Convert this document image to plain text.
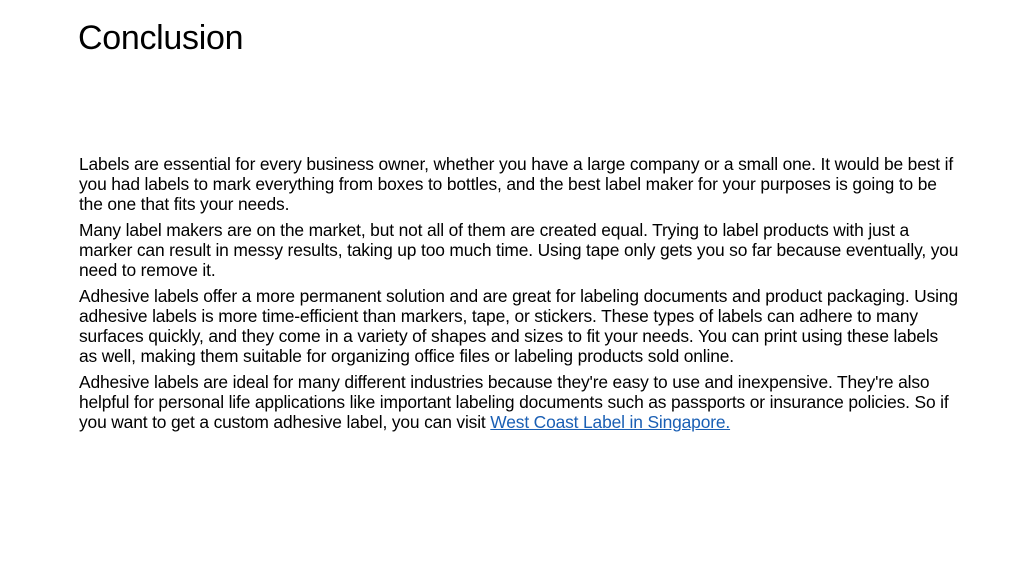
Conclusion

Labels are essential for every business owner, whether you have a large company or a small one. It would be best if you had labels to mark everything from boxes to bottles, and the best label maker for your purposes is going to be the one that fits your needs.

Many label makers are on the market, but not all of them are created equal. Trying to label products with just a marker can result in messy results, taking up too much time. Using tape only gets you so far because eventually, you need to remove it.

Adhesive labels offer a more permanent solution and are great for labeling documents and product packaging. Using adhesive labels is more time-efficient than markers, tape, or stickers. These types of labels can adhere to many surfaces quickly, and they come in a variety of shapes and sizes to fit your needs. You can print using these labels as well, making them suitable for organizing office files or labeling products sold online.

Adhesive labels are ideal for many different industries because they're easy to use and inexpensive. They're also helpful for personal life applications like important labeling documents such as passports or insurance policies. So if you want to get a custom adhesive label, you can visit West Coast Label in Singapore.
